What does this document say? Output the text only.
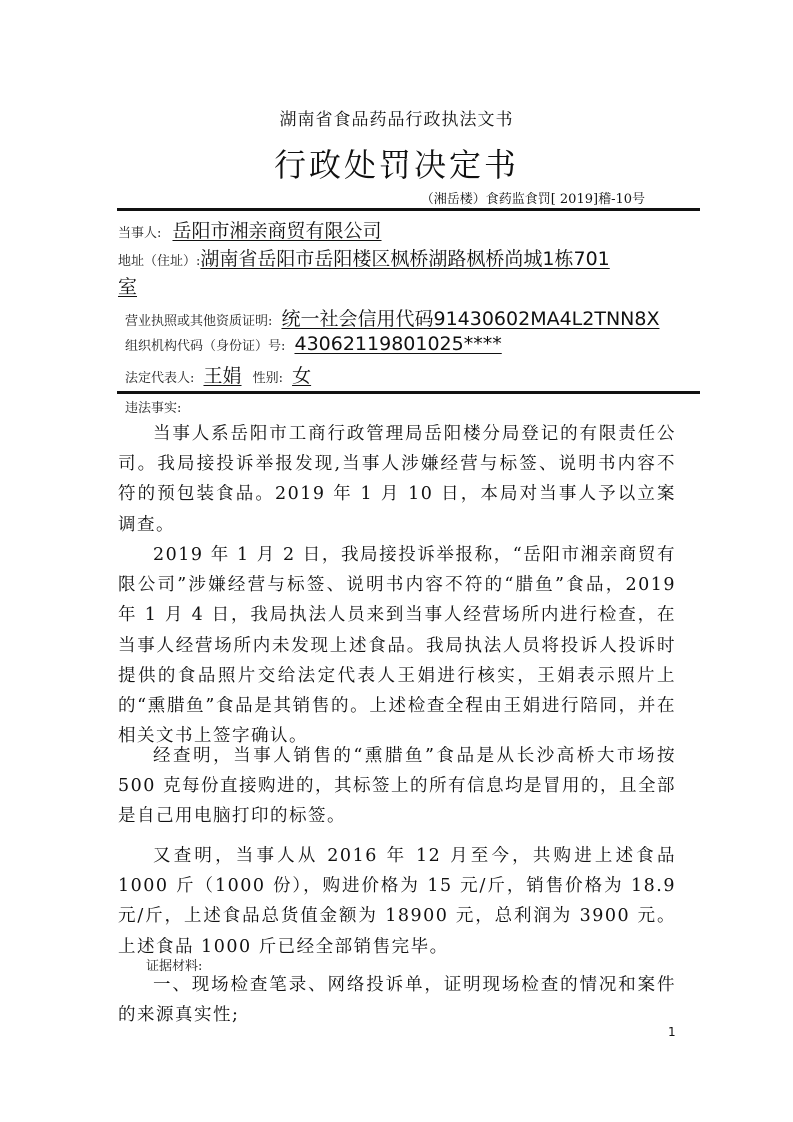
湖南省食品药品行政执法文书
行政处罚决定书
（湘岳楼）食药监食罚[ 2019]稽-10号
当事人: 岳阳市湘亲商贸有限公司
地址（住址）:湖南省岳阳市岳阳楼区枫桥湖路枫桥尚城1栋701
室
营业执照或其他资质证明: 统一社会信用代码91430602MA4L2TNN8X
组织机构代码（身份证）号: 43062119801025****
法定代表人: 王娟 性别: 女
违法事实:

当事人系岳阳市工商行政管理局岳阳楼分局登记的有限责任公司。我局接投诉举报发现,当事人涉嫌经营与标签、说明书内容不符的预包装食品。2019 年 1 月 10 日，本局对当事人予以立案调查。

2019 年 1 月 2 日，我局接投诉举报称，“岳阳市湘亲商贸有限公司”涉嫌经营与标签、说明书内容不符的“腊鱼”食品，2019 年 1 月 4 日，我局执法人员来到当事人经营场所内进行检查，在当事人经营场所内未发现上述食品。我局执法人员将投诉人投诉时提供的食品照片交给法定代表人王娟进行核实，王娟表示照片上的“熏腊鱼”食品是其销售的。上述检查全程由王娟进行陪同，并在相关文书上签字确认。

经查明，当事人销售的“熏腊鱼”食品是从长沙高桥大市场按 500 克每份直接购进的，其标签上的所有信息均是冒用的，且全部是自己用电脑打印的标签。

又查明，当事人从 2016 年 12 月至今，共购进上述食品 1000 斤（1000 份），购进价格为 15 元/斤，销售价格为 18.9 元/斤，上述食品总货值金额为 18900 元，总利润为 3900 元。上述食品 1000 斤已经全部销售完毕。

证据材料:

一、现场检查笔录、网络投诉单，证明现场检查的情况和案件的来源真实性;

1
